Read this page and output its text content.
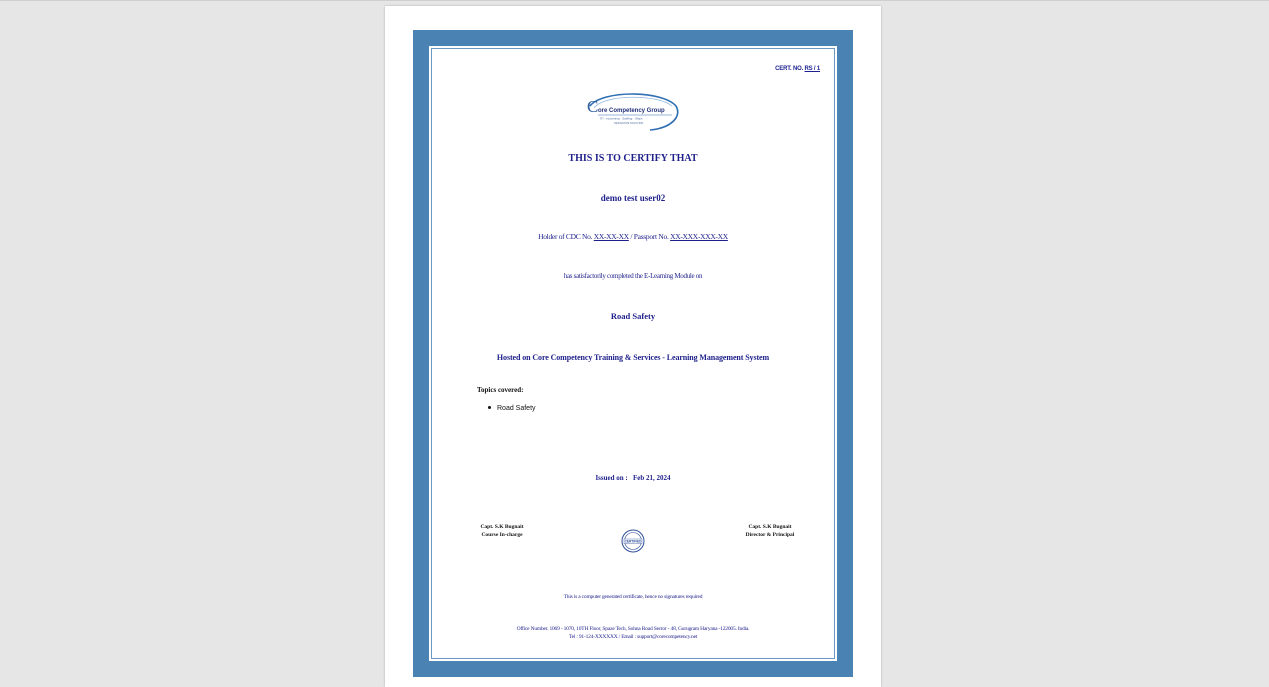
CERT. NO. RS / 1
C ore Competency Group
ITI · eLearning · Staffing · Ships
INNOVATIVE SOLUTION
THIS IS TO CERTIFY THAT
demo test user02
Holder of CDC No. XX-XX-XX / Passport No. XX-XXX-XXX-XX
has satisfactorily completed the E-Learning Module on
Road Safety
Hosted on Core Competency Training & Services - Learning Management System
Topics covered:
Road Safety
Issued on : Feb 21, 2024
Capt. S.K Bugnait
Course In-charge
CERTIFIED
Capt. S.K Bugnait
Director & Principal
This is a computer generated certificate, hence no signatures required
Office Number. 1069 - 1070, 10TH Floor, Spaze Tech, Sohna Road Sector - 48, Gurugram Haryana -122005. India.
Tel : 91-124-XXXXXX / Email : support@corecompetency.net
